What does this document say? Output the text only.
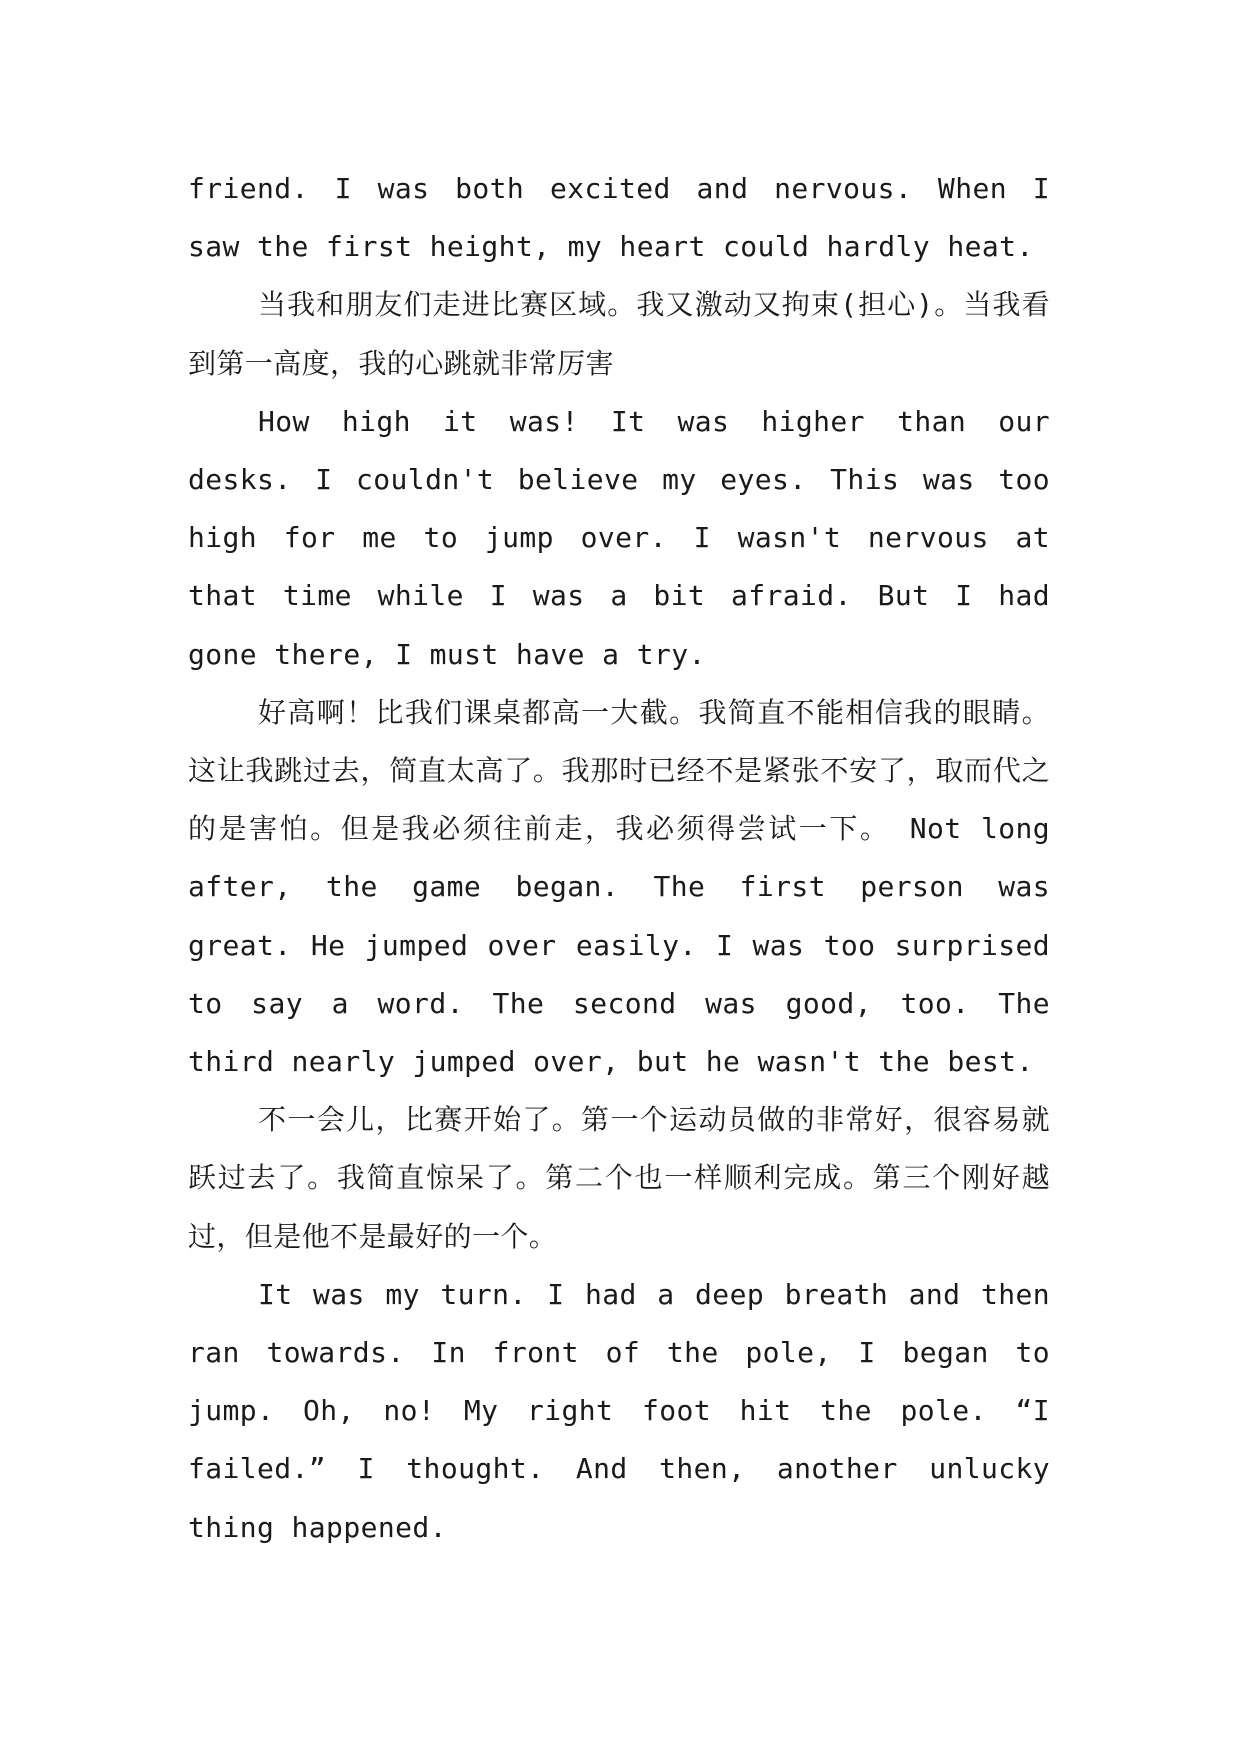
friend. I was both excited and nervous. When I saw the first height, my heart could hardly heat.

当我和朋友们走进比赛区域。我又激动又拘束(担心)。当我看到第一高度，我的心跳就非常厉害

How high it was! It was higher than our desks. I couldn't believe my eyes. This was too high for me to jump over. I wasn't nervous at that time while I was a bit afraid. But I had gone there, I must have a try.

好高啊！比我们课桌都高一大截。我简直不能相信我的眼睛。这让我跳过去，简直太高了。我那时已经不是紧张不安了，取而代之的是害怕。但是我必须往前走，我必须得尝试一下。 Not long after, the game began. The first person was great. He jumped over easily. I was too surprised to say a word. The second was good, too. The third nearly jumped over, but he wasn't the best.

不一会儿，比赛开始了。第一个运动员做的非常好，很容易就跃过去了。我简直惊呆了。第二个也一样顺利完成。第三个刚好越过，但是他不是最好的一个。

It was my turn. I had a deep breath and then ran towards. In front of the pole, I began to jump. Oh, no! My right foot hit the pole. “I failed.” I thought. And then, another unlucky thing happened.
